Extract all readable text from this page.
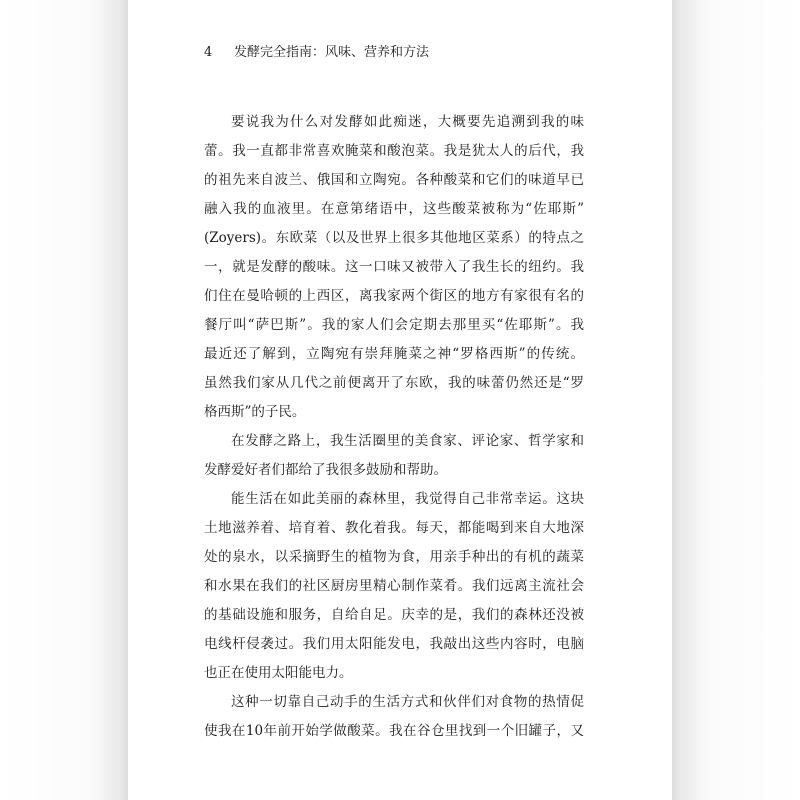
4 发酵完全指南：风味、营养和方法
要说我为什么对发酵如此痴迷，大概要先追溯到我的味
蕾。我一直都非常喜欢腌菜和酸泡菜。我是犹太人的后代，我
的祖先来自波兰、俄国和立陶宛。各种酸菜和它们的味道早已
融入我的血液里。在意第绪语中，这些酸菜被称为“佐耶斯”
(Zoyers)。东欧菜（以及世界上很多其他地区菜系）的特点之
一，就是发酵的酸味。这一口味又被带入了我生长的纽约。我
们住在曼哈顿的上西区，离我家两个街区的地方有家很有名的
餐厅叫“萨巴斯”。我的家人们会定期去那里买“佐耶斯”。我
最近还了解到，立陶宛有崇拜腌菜之神“罗格西斯”的传统。
虽然我们家从几代之前便离开了东欧，我的味蕾仍然还是“罗
格西斯”的子民。
在发酵之路上，我生活圈里的美食家、评论家、哲学家和
发酵爱好者们都给了我很多鼓励和帮助。
能生活在如此美丽的森林里，我觉得自己非常幸运。这块
土地滋养着、培育着、教化着我。每天，都能喝到来自大地深
处的泉水，以采摘野生的植物为食，用亲手种出的有机的蔬菜
和水果在我们的社区厨房里精心制作菜肴。我们远离主流社会
的基础设施和服务，自给自足。庆幸的是，我们的森林还没被
电线杆侵袭过。我们用太阳能发电，我敲出这些内容时，电脑
也正在使用太阳能电力。
这种一切靠自己动手的生活方式和伙伴们对食物的热情促
使我在10年前开始学做酸菜。我在谷仓里找到一个旧罐子，又
